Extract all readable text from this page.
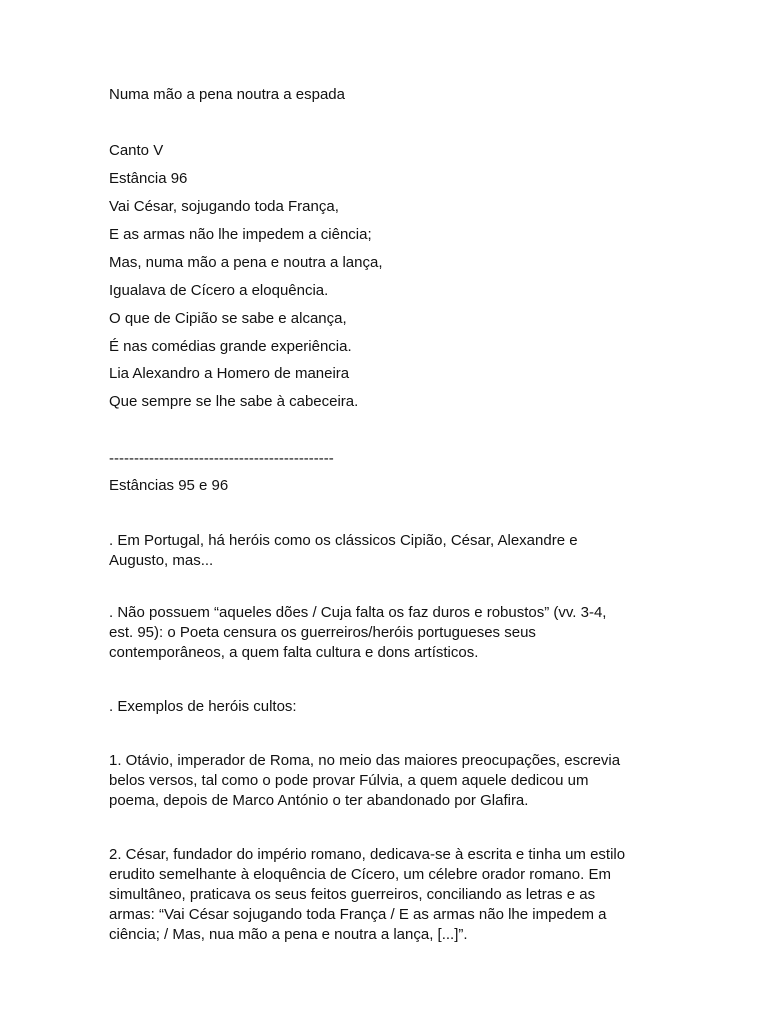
Numa mão a pena noutra a espada
Canto V
Estância 96
Vai César, sojugando toda França,
E as armas não lhe impedem a ciência;
Mas, numa mão a pena e noutra a lança,
Igualava de Cícero a eloquência.
O que de Cipião se sabe e alcança,
É nas comédias grande experiência.
Lia Alexandro a Homero de maneira
Que sempre se lhe sabe à cabeceira.
---------------------------------------------
Estâncias 95 e 96
. Em Portugal, há heróis como os clássicos Cipião, César, Alexandre e Augusto, mas...
. Não possuem “aqueles dões / Cuja falta os faz duros e robustos” (vv. 3-4, est. 95): o Poeta censura os guerreiros/heróis portugueses seus contemporâneos, a quem falta cultura e dons artísticos.
. Exemplos de heróis cultos:
1. Otávio, imperador de Roma, no meio das maiores preocupações, escrevia belos versos, tal como o pode provar Fúlvia, a quem aquele dedicou um poema, depois de Marco António o ter abandonado por Glafira.
2. César, fundador do império romano, dedicava-se à escrita e tinha um estilo erudito semelhante à eloquência de Cícero, um célebre orador romano. Em simultâneo, praticava os seus feitos guerreiros, conciliando as letras e as armas: “Vai César sojugando toda França / E as armas não lhe impedem a ciência; / Mas, nua mão a pena e noutra a lança, [...]”.
